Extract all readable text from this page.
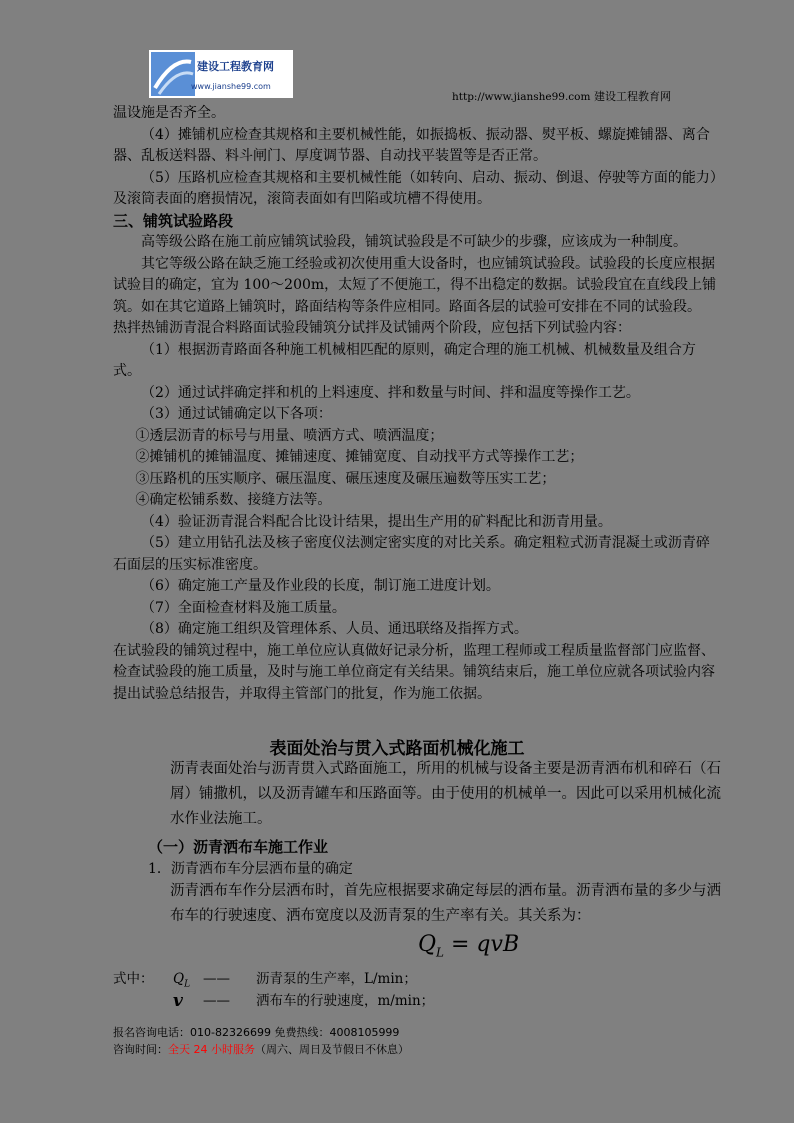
建设工程教育网
www.jianshe99.com
http://www.jianshe99.com 建设工程教育网

温设施是否齐全。

（4）摊铺机应检查其规格和主要机械性能，如振捣板、振动器、熨平板、螺旋摊铺器、离合器、乱板送料器、料斗闸门、厚度调节器、自动找平装置等是否正常。

（5）压路机应检查其规格和主要机械性能（如转向、启动、振动、倒退、停驶等方面的能力）及滚筒表面的磨损情况，滚筒表面如有凹陷或坑槽不得使用。

三、铺筑试验路段

高等级公路在施工前应铺筑试验段，铺筑试验段是不可缺少的步骤，应该成为一种制度。

其它等级公路在缺乏施工经验或初次使用重大设备时，也应铺筑试验段。试验段的长度应根据试验目的确定，宜为 100～200m，太短了不便施工，得不出稳定的数据。试验段宜在直线段上铺筑。如在其它道路上铺筑时，路面结构等条件应相同。路面各层的试验可安排在不同的试验段。

热拌热铺沥青混合料路面试验段铺筑分试拌及试铺两个阶段，应包括下列试验内容：

（1）根据沥青路面各种施工机械相匹配的原则，确定合理的施工机械、机械数量及组合方式。

（2）通过试拌确定拌和机的上料速度、拌和数量与时间、拌和温度等操作工艺。

（3）通过试铺确定以下各项：

①透层沥青的标号与用量、喷洒方式、喷洒温度；

②摊铺机的摊铺温度、摊铺速度、摊铺宽度、自动找平方式等操作工艺；

③压路机的压实顺序、碾压温度、碾压速度及碾压遍数等压实工艺；

④确定松铺系数、接缝方法等。

（4）验证沥青混合料配合比设计结果，提出生产用的矿料配比和沥青用量。

（5）建立用钻孔法及核子密度仪法测定密实度的对比关系。确定粗粒式沥青混凝土或沥青碎石面层的压实标准密度。

（6）确定施工产量及作业段的长度，制订施工进度计划。

（7）全面检查材料及施工质量。

（8）确定施工组织及管理体系、人员、通迅联络及指挥方式。

在试验段的铺筑过程中，施工单位应认真做好记录分析，监理工程师或工程质量监督部门应监督、检查试验段的施工质量，及时与施工单位商定有关结果。铺筑结束后，施工单位应就各项试验内容提出试验总结报告，并取得主管部门的批复，作为施工依据。

表面处治与贯入式路面机械化施工
沥青表面处治与沥青贯入式路面施工，所用的机械与设备主要是沥青洒布机和碎石（石屑）铺撒机，以及沥青罐车和压路面等。由于使用的机械单一。因此可以采用机械化流水作业法施工。
（一）沥青洒布车施工作业
1．沥青洒布车分层洒布量的确定
沥青洒布车作分层洒布时，首先应根据要求确定每层的洒布量。沥青洒布量的多少与洒布车的行驶速度、洒布宽度以及沥青泵的生产率有关。其关系为：
$Q_L$ = qvB
式中： $Q_L$ —— 沥青泵的生产率，L/min；
v —— 洒布车的行驶速度，m/min；
报名咨询电话：010-82326699 免费热线：4008105999
咨询时间：全天 24 小时服务（周六、周日及节假日不休息）
